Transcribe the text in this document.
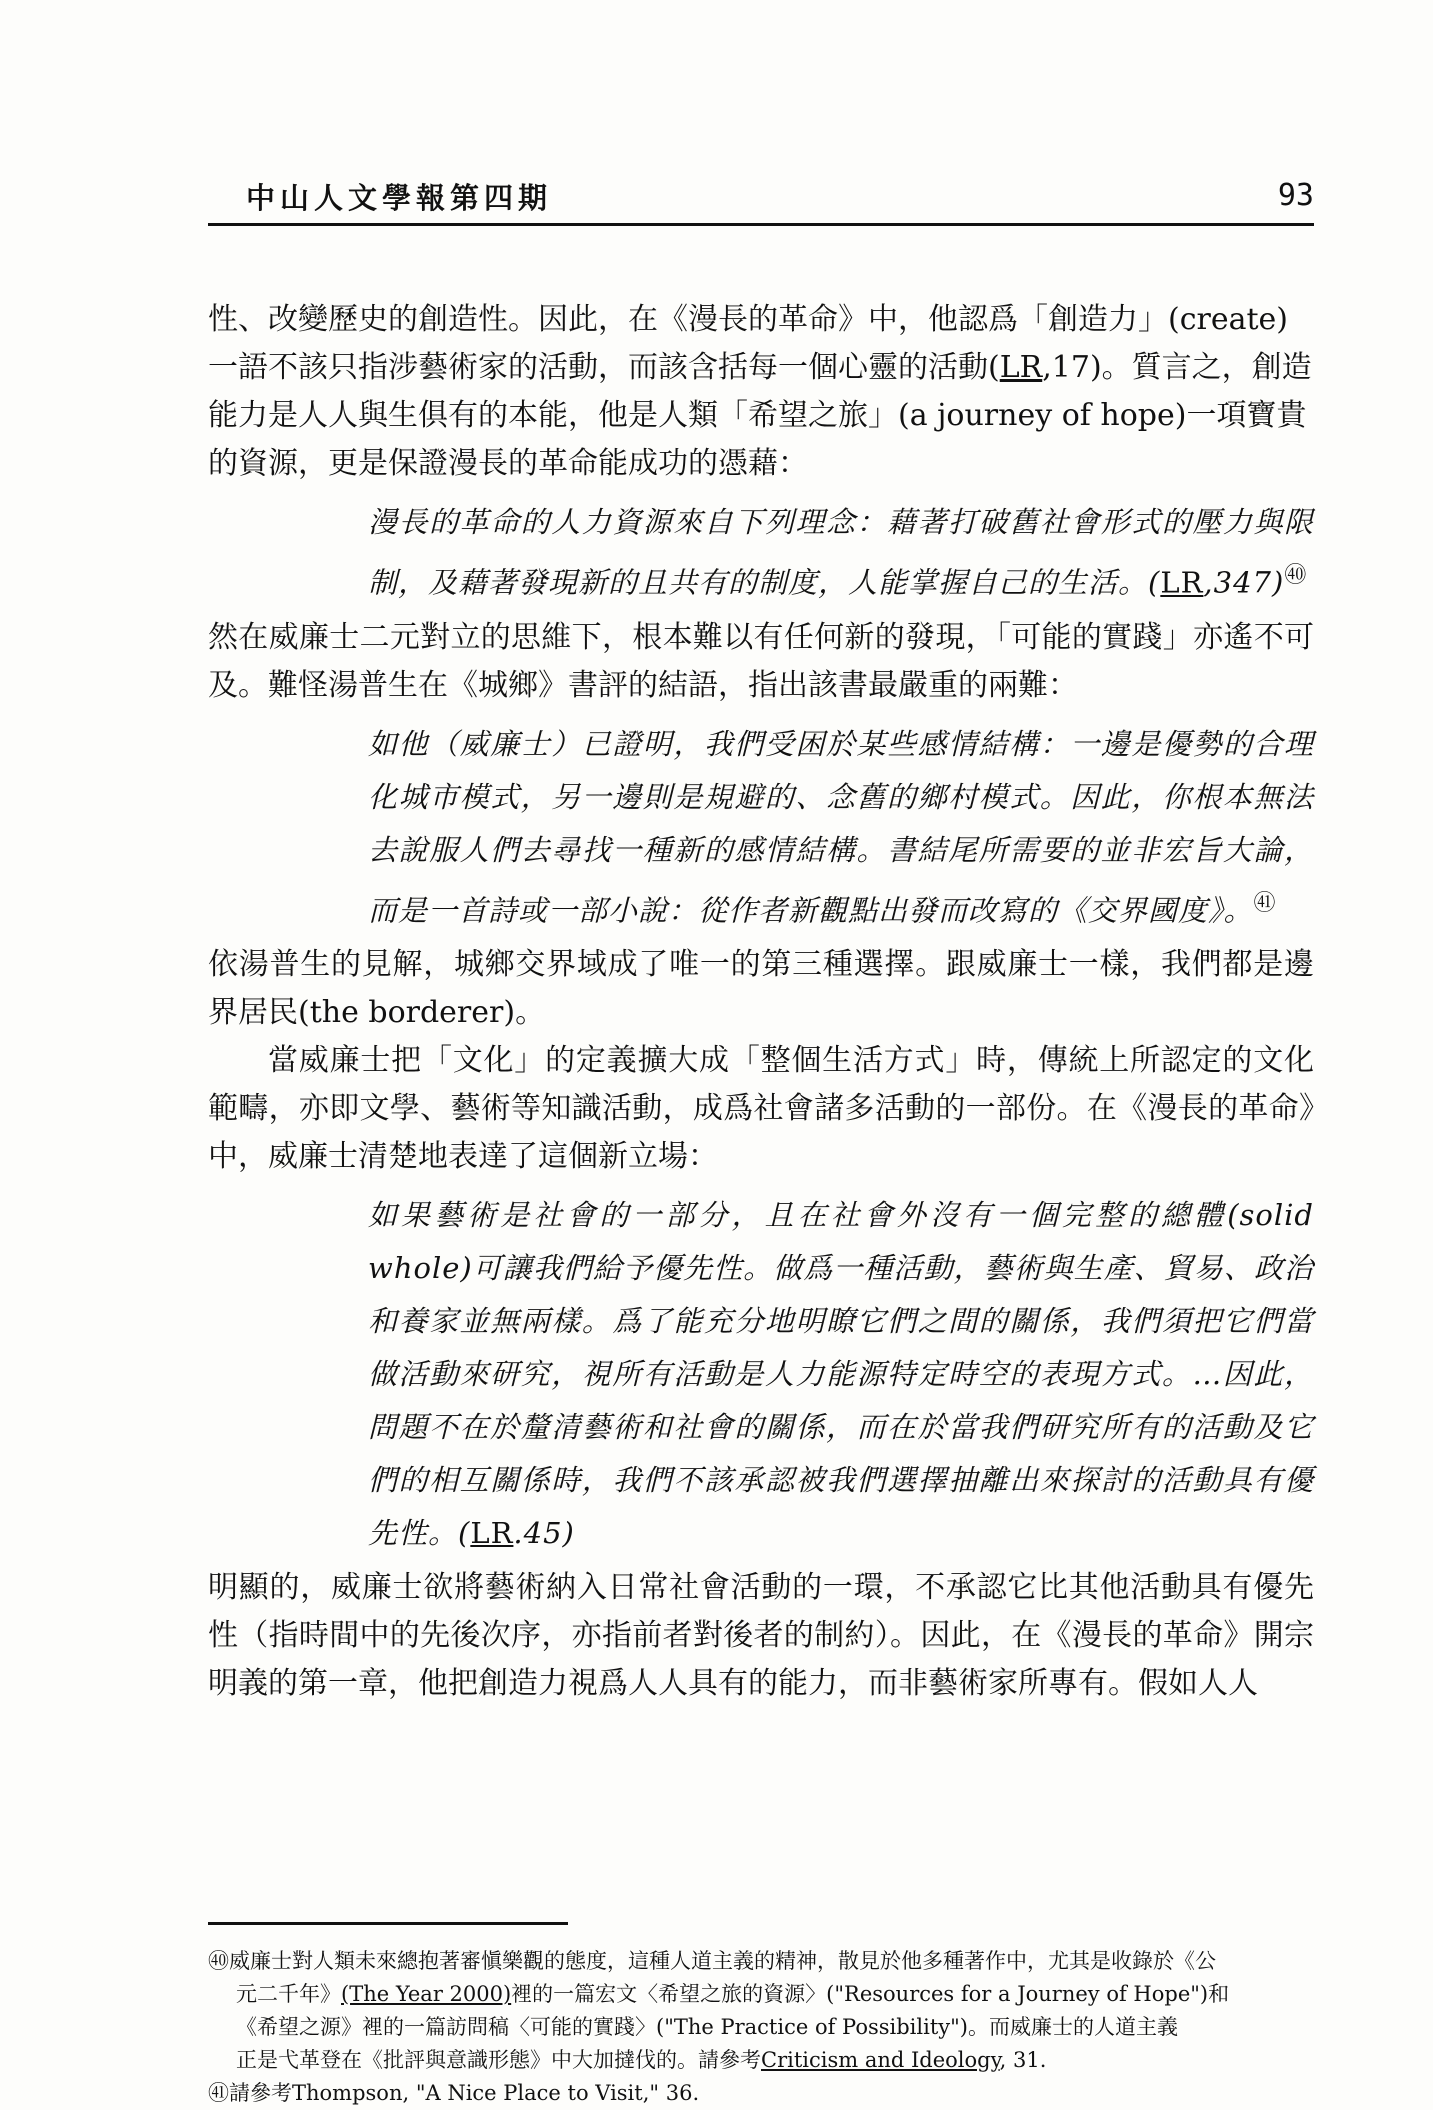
中山人文學報第四期	93

性、改變歷史的創造性。因此，在《漫長的革命》中，他認爲「創造力」(create)
一語不該只指涉藝術家的活動，而該含括每一個心靈的活動(LR,17)。質言之，創造
能力是人人與生俱有的本能，他是人類「希望之旅」(a journey of hope)一項寶貴
的資源，更是保證漫長的革命能成功的憑藉：

漫長的革命的人力資源來自下列理念：藉著打破舊社會形式的壓力與限制，及藉著發現新的且共有的制度，人能掌握自己的生活。$(LR,347)^㊵$

然在威廉士二元對立的思維下，根本難以有任何新的發現，「可能的實踐」亦遙不可及。難怪湯普生在《城鄉》書評的結語，指出該書最嚴重的兩難：

如他（威廉士）已證明，我們受困於某些感情結構：一邊是優勢的合理化城市模式，另一邊則是規避的、念舊的鄉村模式。因此，你根本無法去說服人們去尋找一種新的感情結構。書結尾所需要的並非宏旨大論，而是一首詩或一部小說：從作者新觀點出發而改寫的《交界國度》。$^㊶$

依湯普生的見解，城鄉交界域成了唯一的第三種選擇。跟威廉士一樣，我們都是邊界居民(the borderer)。

當威廉士把「文化」的定義擴大成「整個生活方式」時，傳統上所認定的文化範疇，亦即文學、藝術等知識活動，成爲社會諸多活動的一部份。在《漫長的革命》中，威廉士清楚地表達了這個新立場：

如果藝術是社會的一部分，且在社會外沒有一個完整的總體(solid whole)可讓我們給予優先性。做爲一種活動，藝術與生產、貿易、政治和養家並無兩樣。爲了能充分地明瞭它們之間的關係，我們須把它們當做活動來研究，視所有活動是人力能源特定時空的表現方式。…因此，問題不在於釐清藝術和社會的關係，而在於當我們研究所有的活動及它們的相互關係時，我們不該承認被我們選擇抽離出來探討的活動具有優先性。(LR.45)

明顯的，威廉士欲將藝術納入日常社會活動的一環，不承認它比其他活動具有優先性（指時間中的先後次序，亦指前者對後者的制約）。因此，在《漫長的革命》開宗明義的第一章，他把創造力視爲人人具有的能力，而非藝術家所專有。假如人人

㊵威廉士對人類未來總抱著審愼樂觀的態度，這種人道主義的精神，散見於他多種著作中，尤其是收錄於《公
元二千年》(The Year 2000)裡的一篇宏文〈希望之旅的資源〉("Resources for a Journey of Hope")和
《希望之源》裡的一篇訪問稿〈可能的實踐〉("The Practice of Possibility")。而威廉士的人道主義
正是弋革登在《批評與意識形態》中大加撻伐的。請參考Criticism and Ideology, 31.

㊶請參考Thompson, "A Nice Place to Visit," 36.
